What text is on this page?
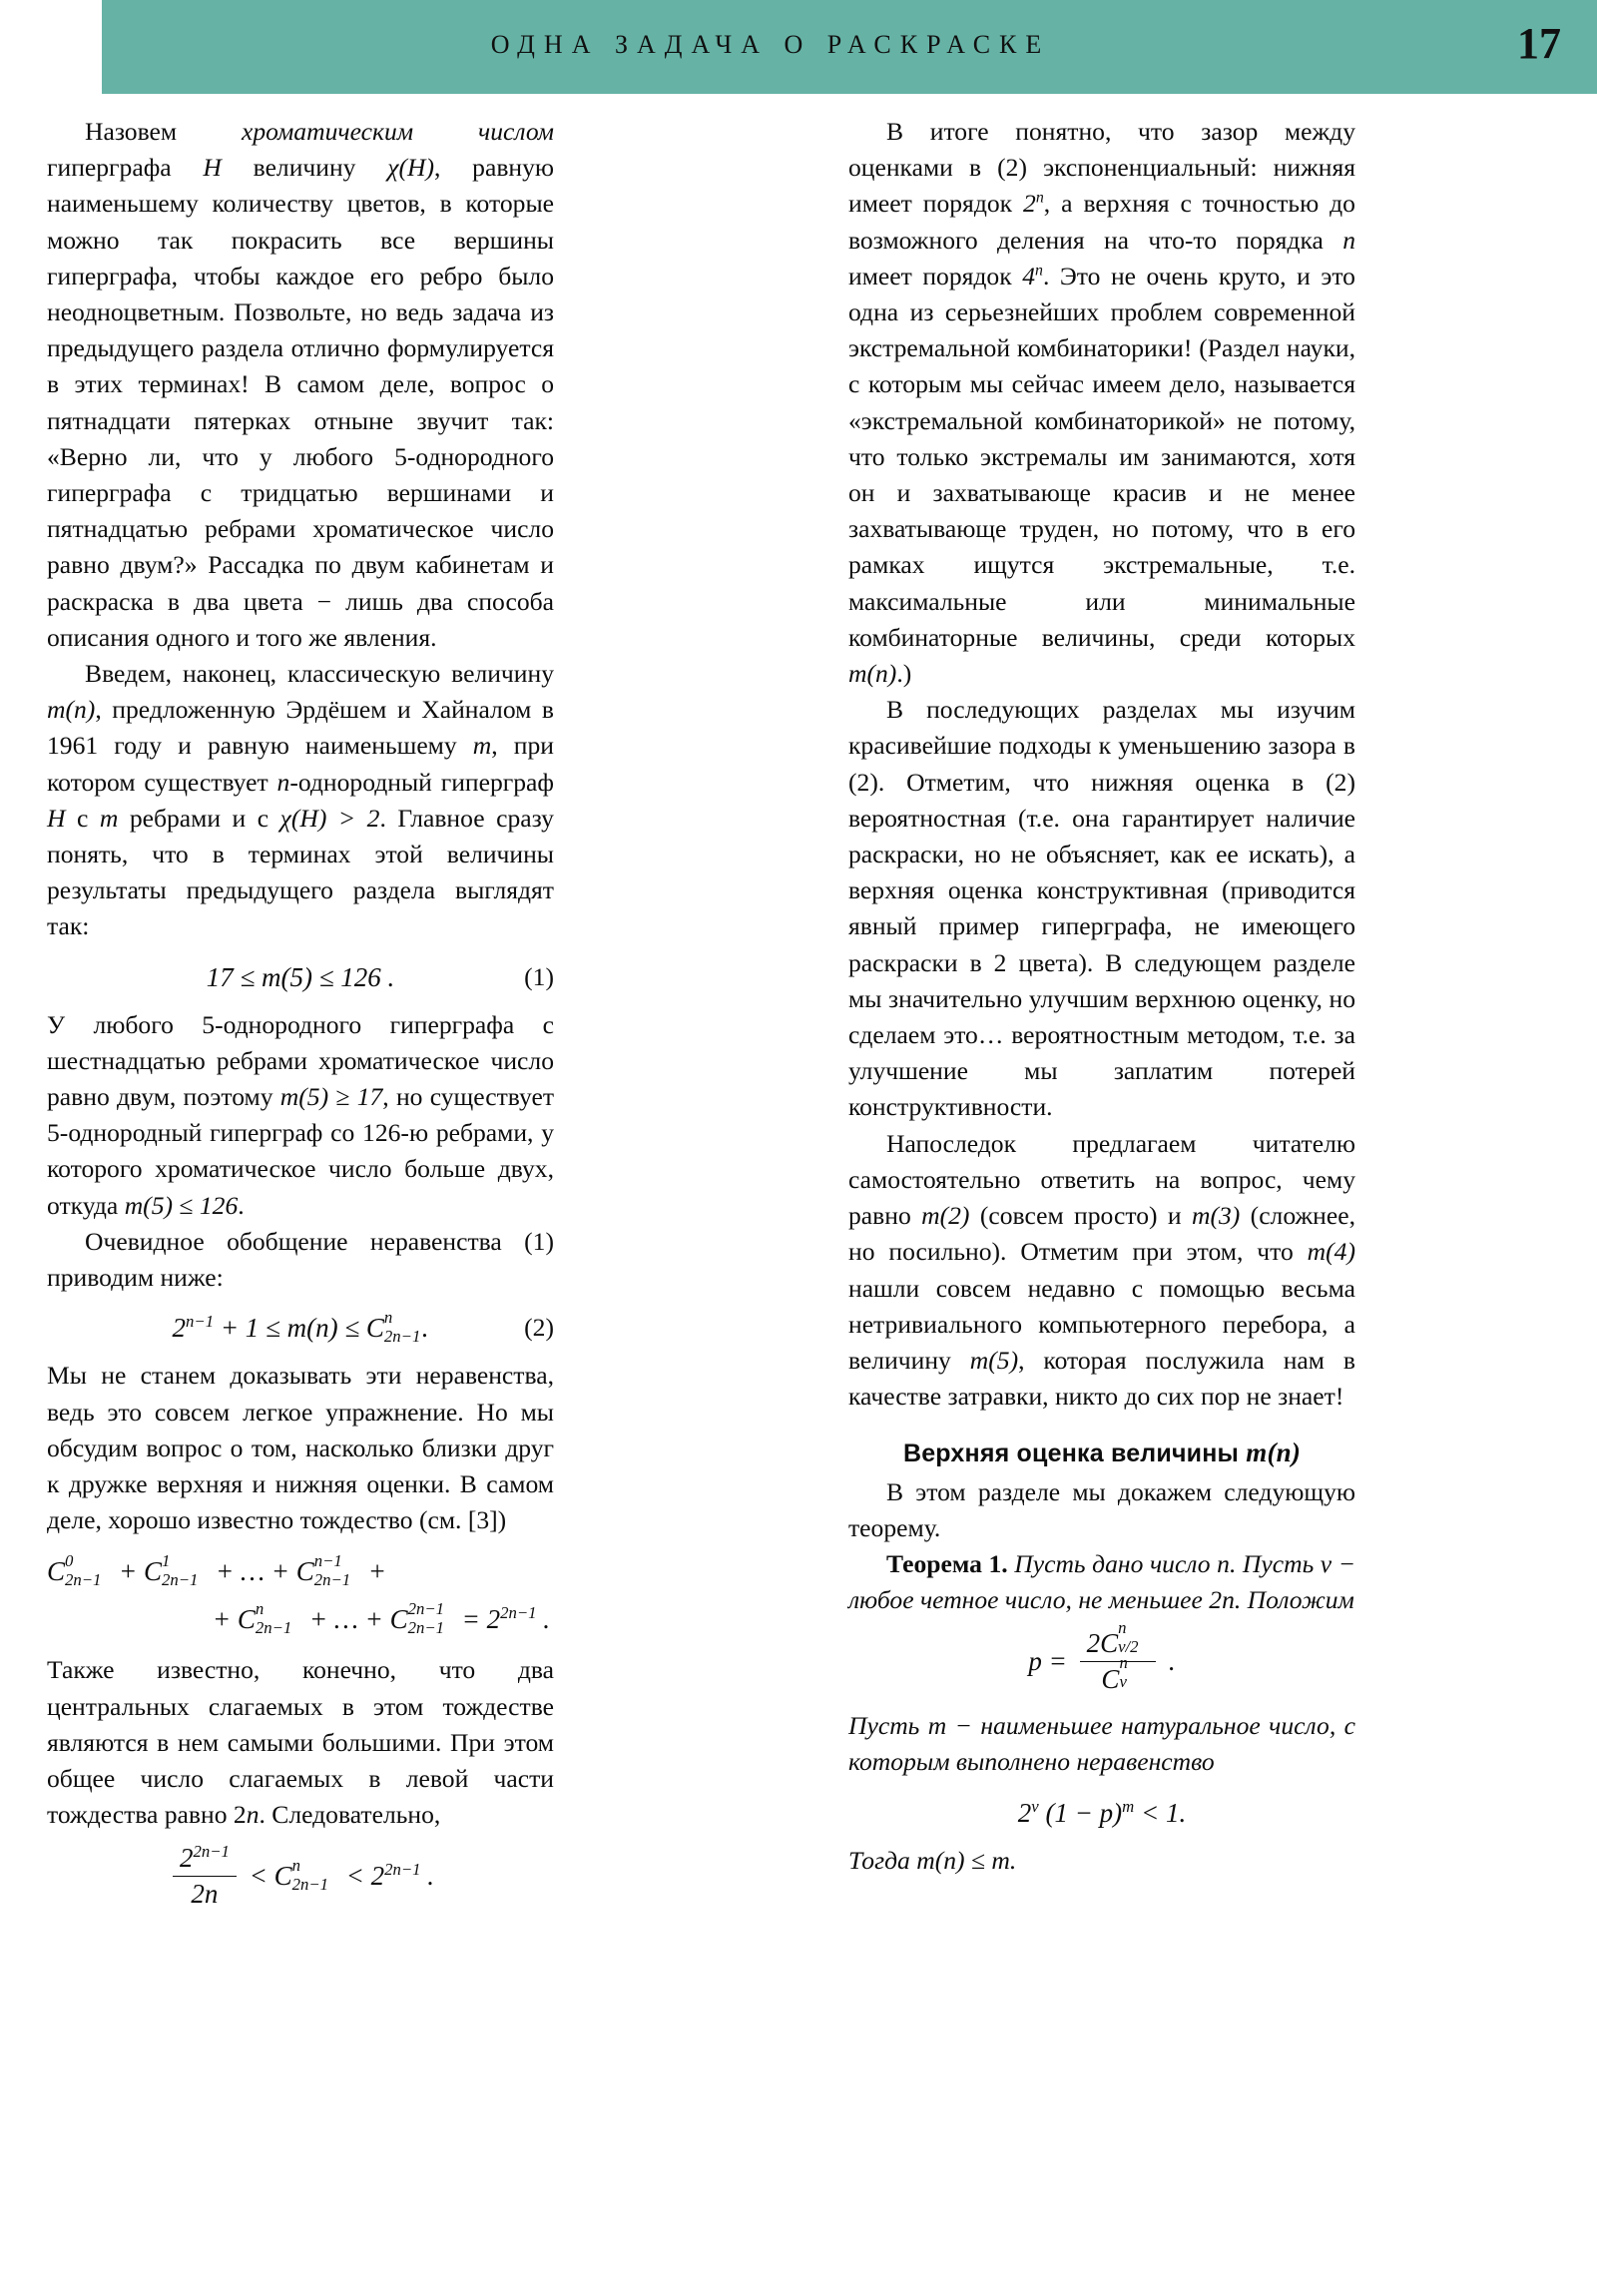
ОДНА ЗАДАЧА О РАСКРАСКЕ	17

Назовем хроматическим числом гиперграфа H величину χ(H), равную наименьшему количеству цветов, в которые можно так покрасить все вершины гиперграфа, чтобы каждое его ребро было неодноцветным. Позвольте, но ведь задача из предыдущего раздела отлично формулируется в этих терминах! В самом деле, вопрос о пятнадцати пятерках отныне звучит так: «Верно ли, что у любого 5-однородного гиперграфа с тридцатью вершинами и пятнадцатью ребрами хроматическое число равно двум?» Рассадка по двум кабинетам и раскраска в два цвета − лишь два способа описания одного и того же явления.

Введем, наконец, классическую величину m(n), предложенную Эрдёшем и Хайналом в 1961 году и равную наименьшему m, при котором существует n-однородный гиперграф H с m ребрами и с χ(H) > 2. Главное сразу понять, что в терминах этой величины результаты предыдущего раздела выглядят так:

17 ≤ m(5) ≤ 126 .	(1)

У любого 5-однородного гиперграфа с шестнадцатью ребрами хроматическое число равно двум, поэтому m(5) ≥ 17, но существует 5-однородный гиперграф со 126-ю ребрами, у которого хроматическое число больше двух, откуда m(5) ≤ 126.

Очевидное обобщение неравенства (1) приводим ниже:

$2^{n-1} + 1 \le m(n) \le C$ n
2n−1
.	(2)

Мы не станем доказывать эти неравенства, ведь это совсем легкое упражнение. Но мы обсудим вопрос о том, насколько близки друг к дружке верхняя и нижняя оценки. В самом деле, хорошо известно тождество (см. [3])

C 0
2n−1 + C 1
2n−1 + … + C n−1
2n−1 +
+ C n
2n−1 + … + C 2n−1
$2n-1 = 2^{2n-1}$ .

Также известно, конечно, что два центральных слагаемых в этом тождестве являются в нем самыми большими. При этом общее число слагаемых в левой части тождества равно 2n. Следовательно,

$\frac{2^{2n-1}}{2n} < C$ n
$2n-1 < 2^{2n-1}$ .

В итоге понятно, что зазор между оценками в (2) экспоненциальный: нижняя имеет порядок 2$^n$, а верхняя с точностью до возможного деления на что-то порядка n имеет порядок 4$^n$. Это не очень круто, и это одна из серьезнейших проблем современной экстремальной комбинаторики! (Раздел науки, с которым мы сейчас имеем дело, называется «экстремальной комбинаторикой» не потому, что только экстремалы им занимаются, хотя он и захватывающе красив и не менее захватывающе труден, но потому, что в его рамках ищутся экстремальные, т.е. максимальные или минимальные комбинаторные величины, среди которых m(n).)

В последующих разделах мы изучим красивейшие подходы к уменьшению зазора в (2). Отметим, что нижняя оценка в (2) вероятностная (т.е. она гарантирует наличие раскраски, но не объясняет, как ее искать), а верхняя оценка конструктивная (приводится явный пример гиперграфа, не имеющего раскраски в 2 цвета). В следующем разделе мы значительно улучшим верхнюю оценку, но сделаем это… вероятностным методом, т.е. за улучшение мы заплатим потерей конструктивности.

Напоследок предлагаем читателю самостоятельно ответить на вопрос, чему равно m(2) (совсем просто) и m(3) (сложнее, но посильно). Отметим при этом, что m(4) нашли совсем недавно с помощью весьма нетривиального компьютерного перебора, а величину m(5), которая послужила нам в качестве затравки, никто до сих пор не знает!

Верхняя оценка величины m(n)

В этом разделе мы докажем следующую теорему.

Теорема 1. Пусть дано число n. Пусть v − любое четное число, не меньшее 2n. Положим

p = 2C
n
v/2
C
n
v .

Пусть m − наименьшее натуральное число, с которым выполнено неравенство

2$^v$ $(1 - p)^m < 1$.

Тогда m(n) ≤ m.
